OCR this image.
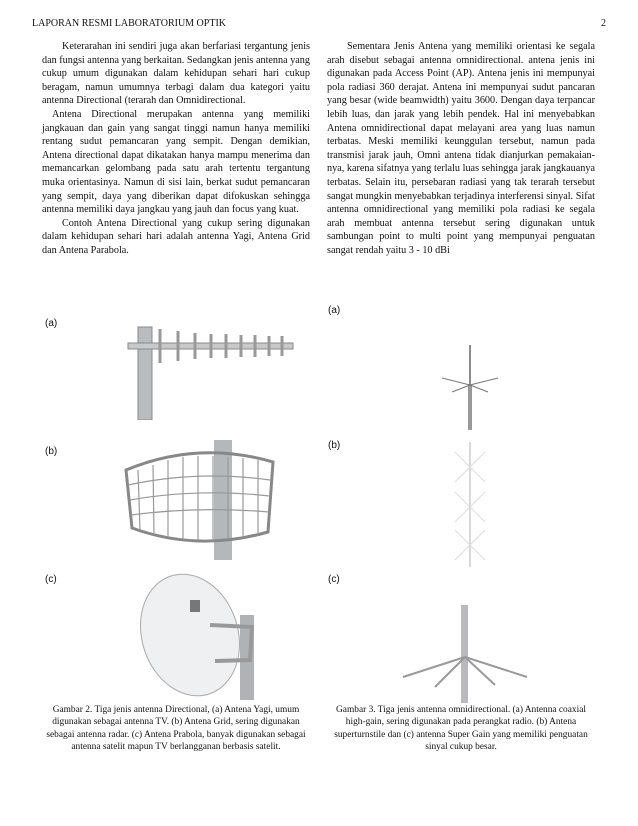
LAPORAN RESMI LABORATORIUM OPTIK	2

Keterarahan ini sendiri juga akan berfariasi tergantung jenis dan fungsi antenna yang berkaitan. Sedangkan jenis antenna yang cukup umum digunakan dalam kehidupan sehari hari cukup beragam, namun umumnya terbagi dalam dua kategori yaitu antenna Directional (terarah dan Omnidirectional.

Antena Directional merupakan antenna yang memiliki jangkauan dan gain yang sangat tinggi namun hanya memiliki rentang sudut pemancaran yang sempit. Dengan demikian, Antena directional dapat dikatakan hanya mampu menerima dan memancarkan gelombang pada satu arah tertentu tergantung muka orientasinya. Namun di sisi lain, berkat sudut pemancaran yang sempit, daya yang diberikan dapat difokuskan sehingga antenna memiliki daya jangkau yang jauh dan focus yang kuat.

Contoh Antena Directional yang cukup sering digunakan dalam kehidupan sehari hari adalah antenna Yagi, Antena Grid dan Antena Parabola.

(a)
(b)
(c)
Gambar 2. Tiga jenis antenna Directional, (a) Antena Yagi, umum digunakan sebagai antenna TV. (b) Antena Grid, sering digunakan sebagai antenna radar. (c) Antena Prabola, banyak digunakan sebagai antenna satelit mapun TV berlangganan berbasis satelit.

Sementara Jenis Antena yang memiliki orientasi ke segala arah disebut sebagai antenna omnidirectional. antena jenis ini digunakan pada Access Point (AP). Antena jenis ini mempunyai pola radiasi 360 derajat. Antena ini mempunyai sudut pancaran yang besar (wide beamwidth) yaitu 3600. Dengan daya terpancar lebih luas, dan jarak yang lebih pendek. Hal ini menyebabkan Antena omnidirectional dapat melayani area yang luas namun terbatas. Meski memiliki keunggulan tersebut, namun pada transmisi jarak jauh, Omni antena tidak dianjurkan pemakaian-nya, karena sifatnya yang terlalu luas sehingga jarak jangkauanya terbatas. Selain itu, persebaran radiasi yang tak terarah tersebut sangat mungkin menyebabkan terjadinya interferensi sinyal. Sifat antenna omnidirectional yang memiliki pola radiasi ke segala arah membuat antenna tersebut sering digunakan untuk sambungan point to multi point yang mempunyai penguatan sangat rendah yaitu 3 - 10 dBi

(a)
(b)
(c)
Gambar 3. Tiga jenis antenna omnidirectional. (a) Antenna coaxial high-gain, sering digunakan pada perangkat radio. (b) Antena superturnstile dan (c) antenna Super Gain yang memiliki penguatan sinyal cukup besar.
